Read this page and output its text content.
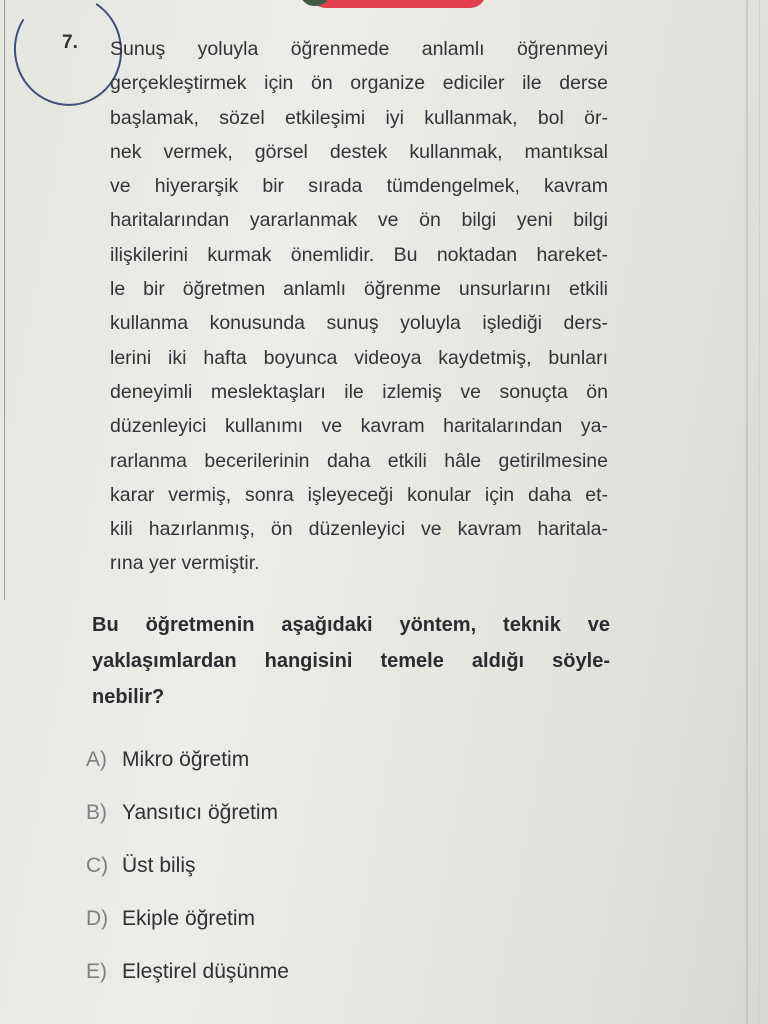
7. Sunuş yoluyla öğrenmede anlamlı öğrenmeyi
gerçekleştirmek için ön organize ediciler ile derse
başlamak, sözel etkileşimi iyi kullanmak, bol ör-
nek vermek, görsel destek kullanmak, mantıksal
ve hiyerarşik bir sırada tümdengelmek, kavram
haritalarından yararlanmak ve ön bilgi yeni bilgi
ilişkilerini kurmak önemlidir. Bu noktadan hareket-
le bir öğretmen anlamlı öğrenme unsurlarını etkili
kullanma konusunda sunuş yoluyla işlediği ders-
lerini iki hafta boyunca videoya kaydetmiş, bunları
deneyimli meslektaşları ile izlemiş ve sonuçta ön
düzenleyici kullanımı ve kavram haritalarından ya-
rarlanma becerilerinin daha etkili hâle getirilmesine
karar vermiş, sonra işleyeceği konular için daha et-
kili hazırlanmış, ön düzenleyici ve kavram haritala-
rına yer vermiştir.
Bu öğretmenin aşağıdaki yöntem, teknik ve
yaklaşımlardan hangisini temele aldığı söyle-
nebilir?
A) Mikro öğretim
B) Yansıtıcı öğretim
C) Üst biliş
D) Ekiple öğretim
E) Eleştirel düşünme
